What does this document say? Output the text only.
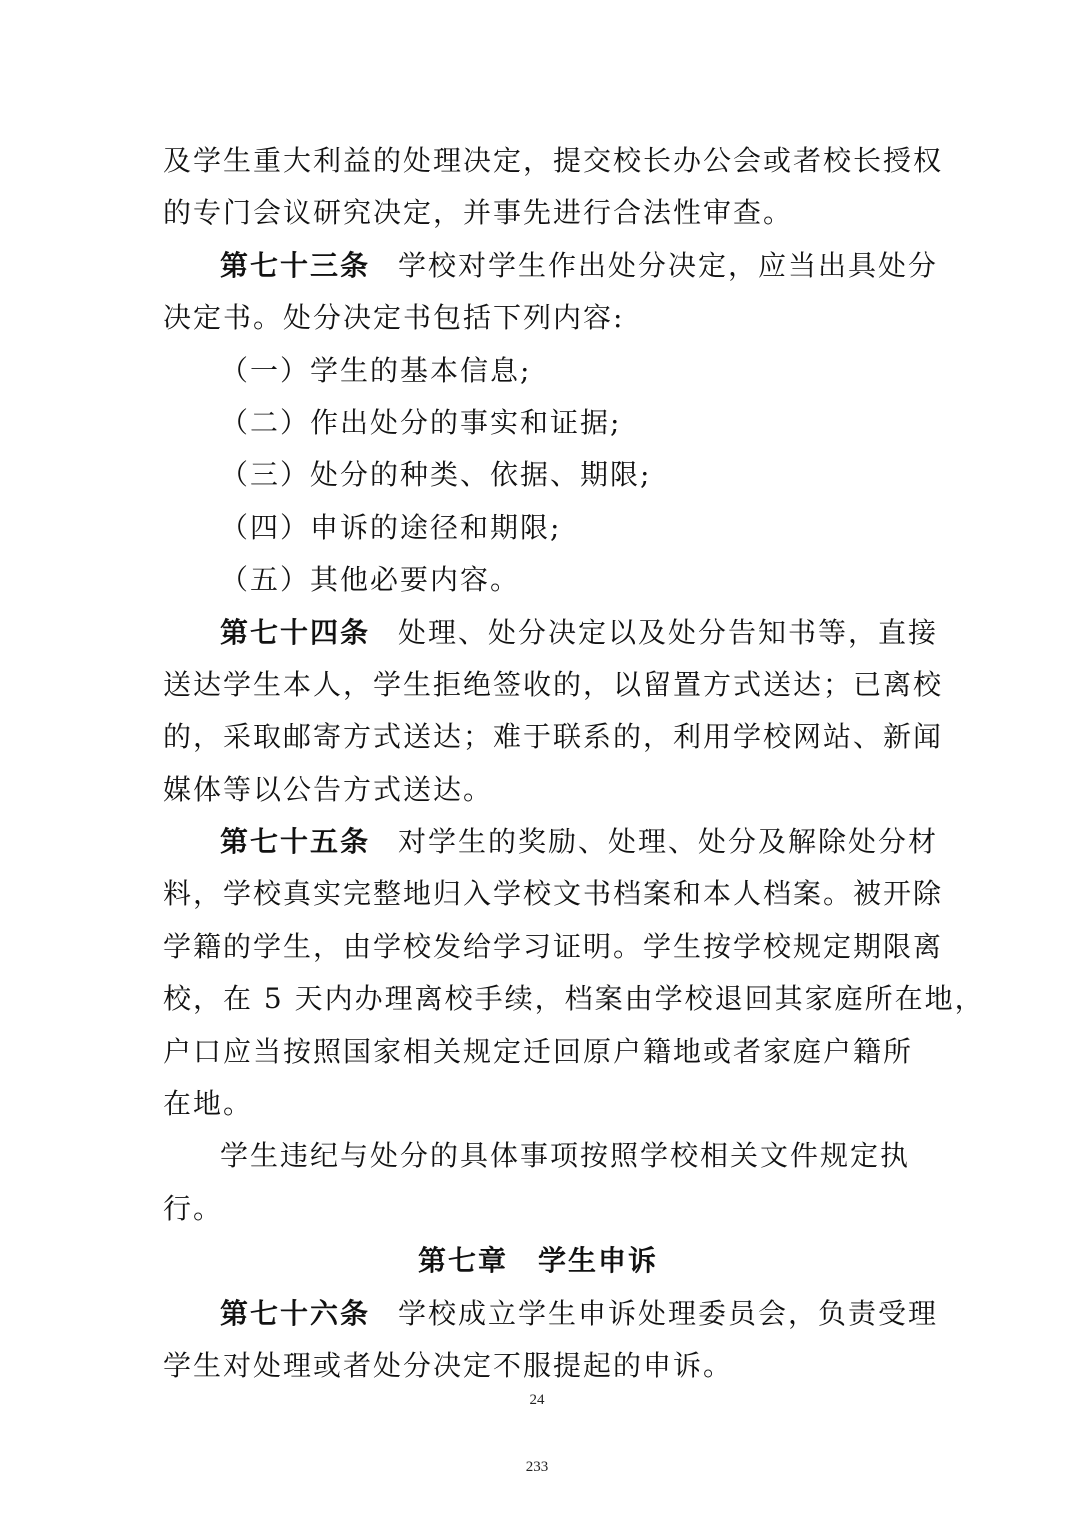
及学生重大利益的处理决定，提交校长办公会或者校长授权
的专门会议研究决定，并事先进行合法性审查。
第七十三条 学校对学生作出处分决定，应当出具处分
决定书。处分决定书包括下列内容:
（一）学生的基本信息;
（二）作出处分的事实和证据;
（三）处分的种类、依据、期限;
（四）申诉的途径和期限;
（五）其他必要内容。
第七十四条 处理、处分决定以及处分告知书等，直接
送达学生本人，学生拒绝签收的，以留置方式送达；已离校
的，采取邮寄方式送达；难于联系的，利用学校网站、新闻
媒体等以公告方式送达。
第七十五条 对学生的奖励、处理、处分及解除处分材
料，学校真实完整地归入学校文书档案和本人档案。被开除
学籍的学生，由学校发给学习证明。学生按学校规定期限离
校，在 5 天内办理离校手续，档案由学校退回其家庭所在地，
户口应当按照国家相关规定迁回原户籍地或者家庭户籍所
在地。
学生违纪与处分的具体事项按照学校相关文件规定执
行。
第七章　学生申诉
第七十六条 学校成立学生申诉处理委员会，负责受理
学生对处理或者处分决定不服提起的申诉。
24
233
